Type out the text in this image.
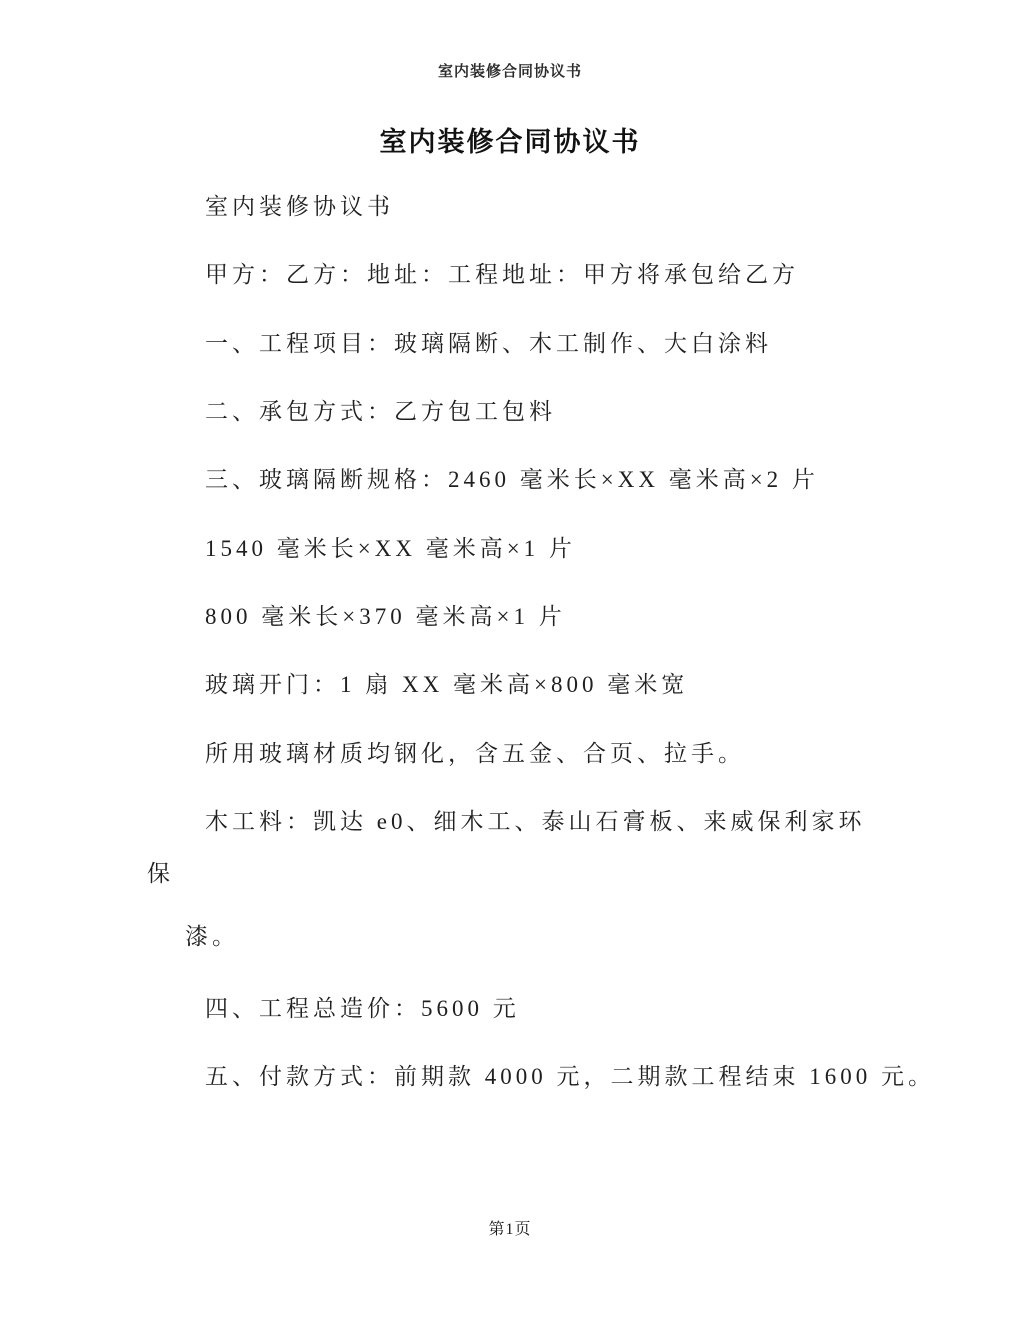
室内装修合同协议书
室内装修合同协议书
室内装修协议书
甲方：乙方：地址：工程地址：甲方将承包给乙方
一、工程项目：玻璃隔断、木工制作、大白涂料
二、承包方式：乙方包工包料
三、玻璃隔断规格：2460 毫米长×XX 毫米高×2 片
1540 毫米长×XX 毫米高×1 片
800 毫米长×370 毫米高×1 片
玻璃开门：1 扇 XX 毫米高×800 毫米宽
所用玻璃材质均钢化，含五金、合页、拉手。
木工料：凯达 e0、细木工、泰山石膏板、来威保利家环
保
漆。
四、工程总造价：5600 元
五、付款方式：前期款 4000 元，二期款工程结束 1600 元。
第1页
